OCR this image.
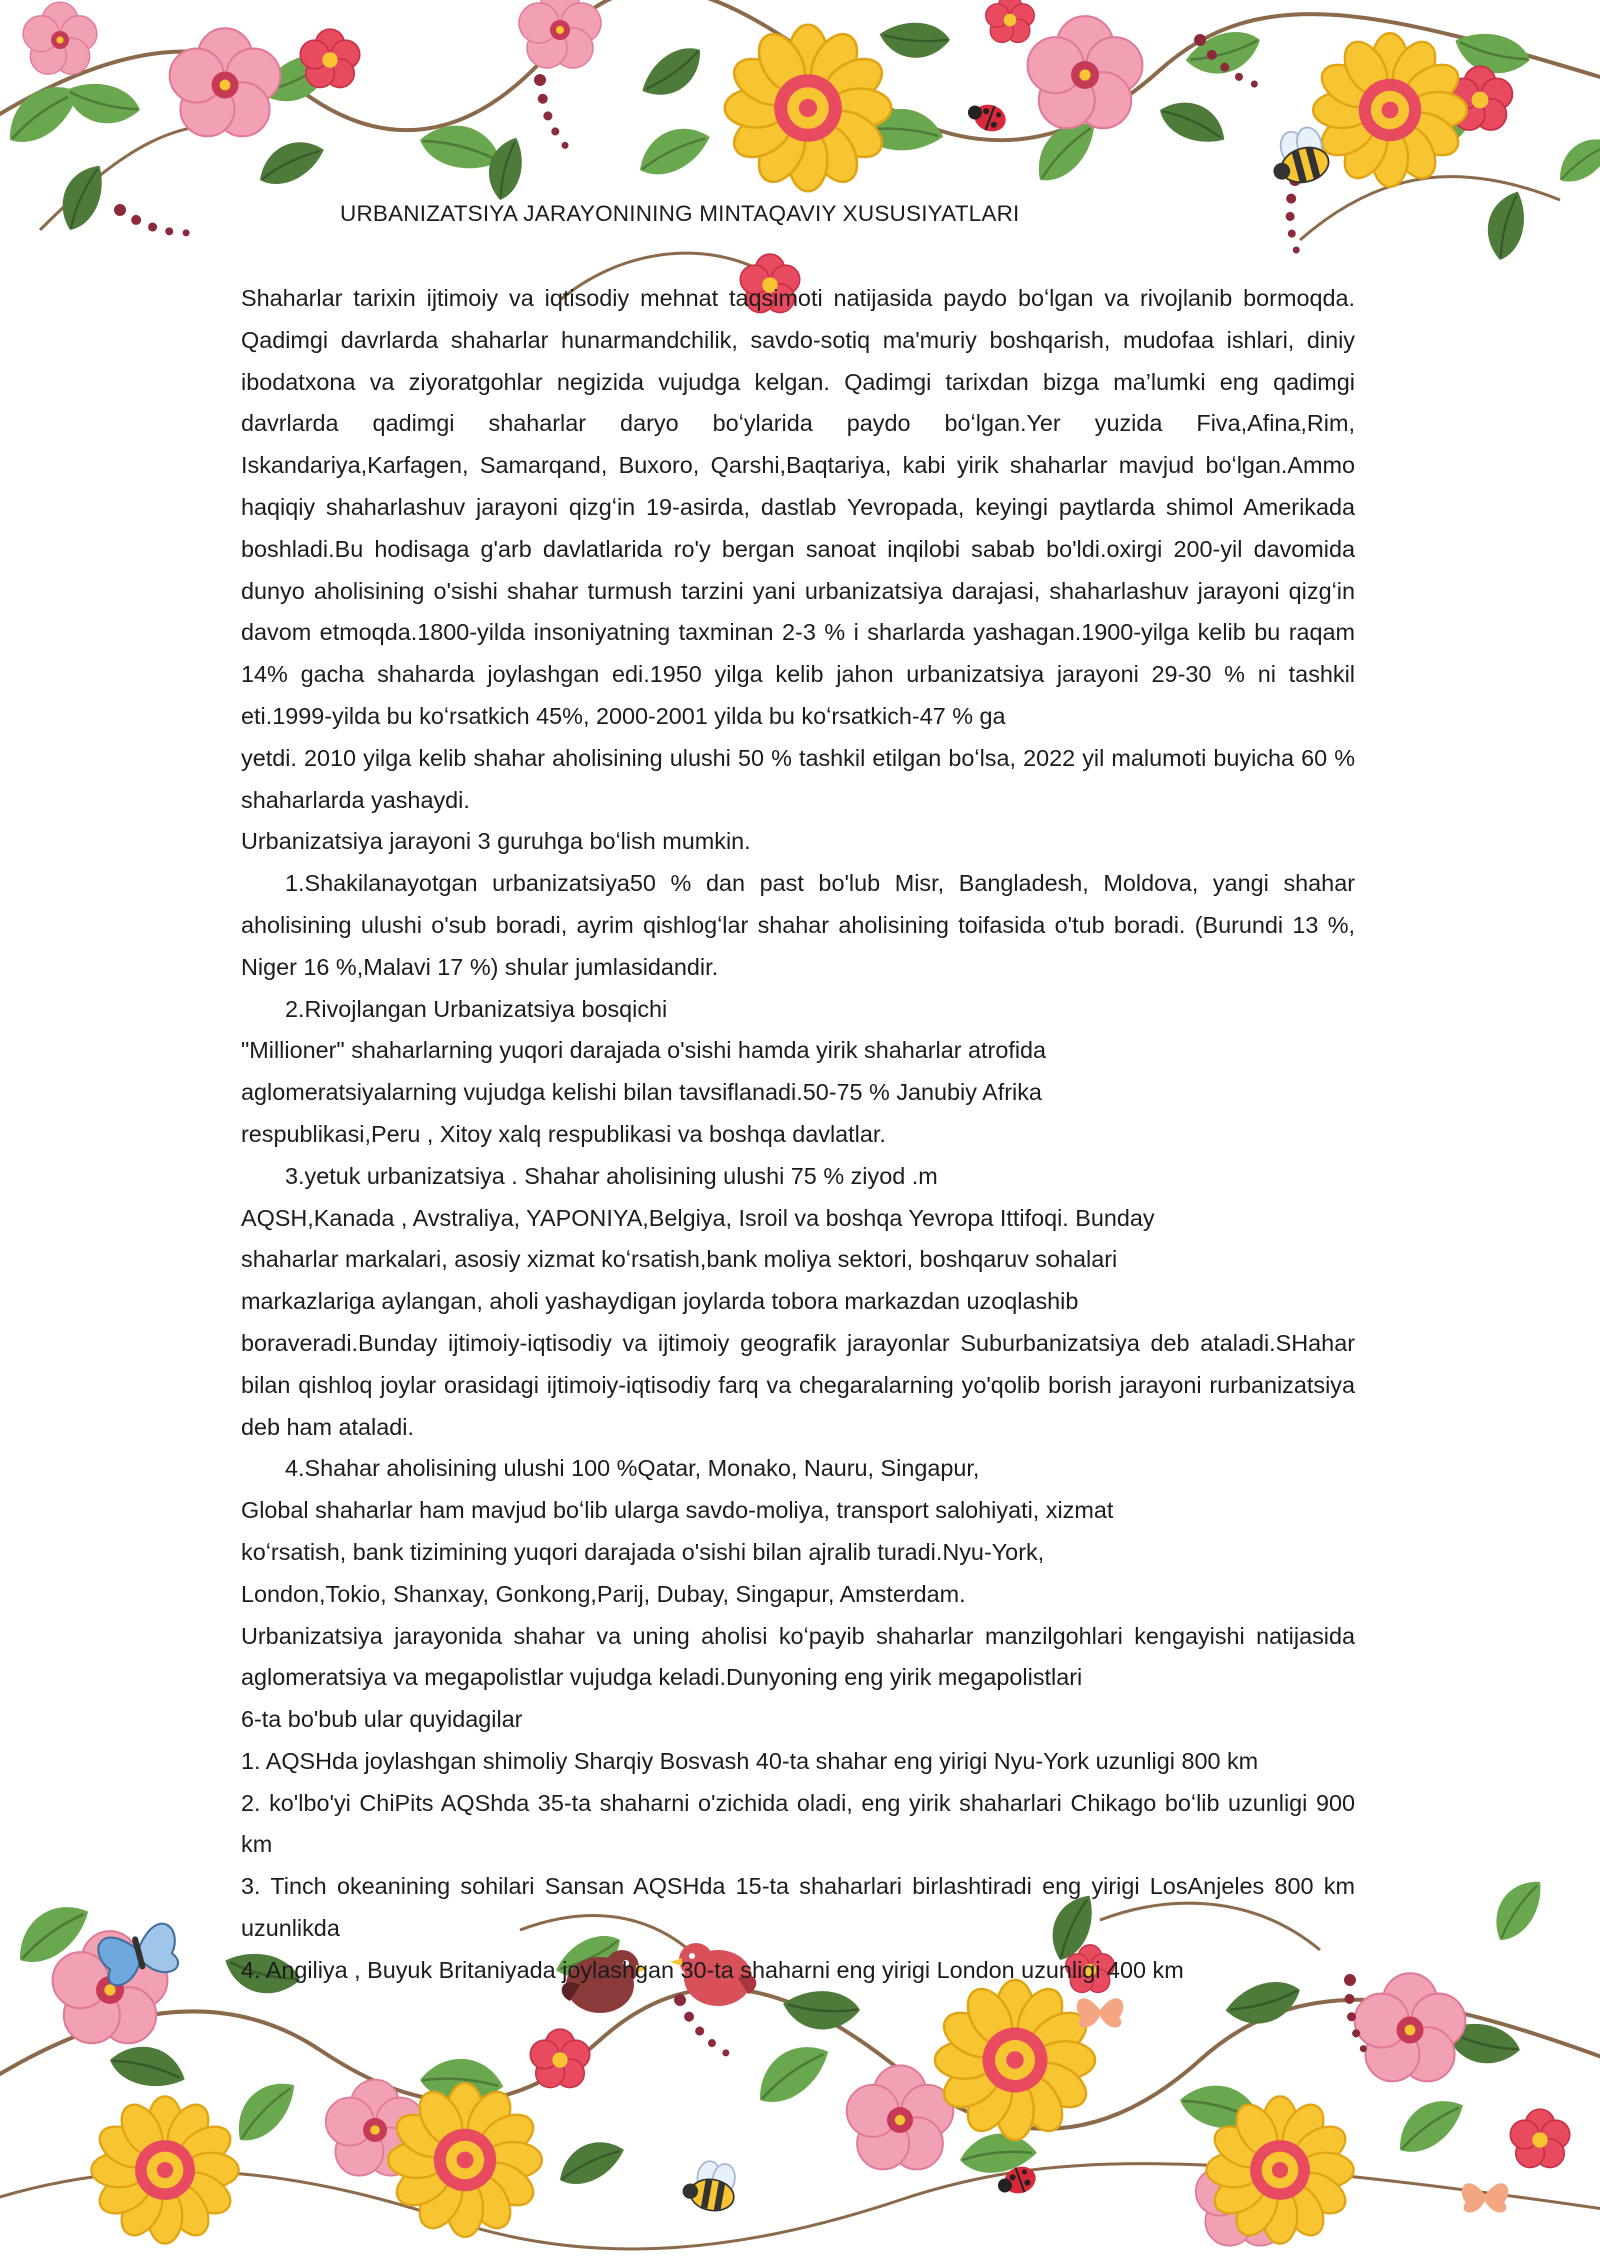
URBANIZATSIYA JARAYONINING MINTAQAVIY XUSUSIYATLARI

Shaharlar tarixin ijtimoiy va iqtisodiy mehnat taqsimoti natijasida paydo boʻlgan va rivojlanib bormoqda. Qadimgi davrlarda shaharlar hunarmandchilik, savdo-sotiq ma'muriy boshqarish, mudofaa ishlari, diniy ibodatxona va ziyoratgohlar negizida vujudga kelgan. Qadimgi tarixdan bizga ma’lumki eng qadimgi davrlarda qadimgi shaharlar daryo boʻylarida paydo boʻlgan.Yer yuzida Fiva,Afina,Rim, Iskandariya,Karfagen, Samarqand, Buxoro, Qarshi,Baqtariya, kabi yirik shaharlar mavjud boʻlgan.Ammo haqiqiy shaharlashuv jarayoni qizgʻin 19-asirda, dastlab Yevropada, keyingi paytlarda shimol Amerikada boshladi.Bu hodisaga g'arb davlatlarida ro'y bergan sanoat inqilobi sabab bo'ldi.oxirgi 200-yil davomida dunyo aholisining o'sishi shahar turmush tarzini yani urbanizatsiya darajasi, shaharlashuv jarayoni qizgʻin davom etmoqda.1800-yilda insoniyatning taxminan 2-3 % i sharlarda yashagan.1900-yilga kelib bu raqam 14% gacha shaharda joylashgan edi.1950 yilga kelib jahon urbanizatsiya jarayoni 29-30 % ni tashkil eti.1999-yilda bu koʻrsatkich 45%, 2000-2001 yilda bu koʻrsatkich-47 % ga

yetdi. 2010 yilga kelib shahar aholisining ulushi 50 % tashkil etilgan boʻlsa, 2022 yil malumoti buyicha 60 % shaharlarda yashaydi.

Urbanizatsiya jarayoni 3 guruhga boʻlish mumkin.

1.Shakilanayotgan urbanizatsiya50 % dan past bo'lub Misr, Bangladesh, Moldova, yangi shahar aholisining ulushi o'sub boradi, ayrim qishlogʻlar shahar aholisining toifasida o'tub boradi. (Burundi 13 %, Niger 16 %,Malavi 17 %) shular jumlasidandir.

2.Rivojlangan Urbanizatsiya bosqichi

"Millioner" shaharlarning yuqori darajada o'sishi hamda yirik shaharlar atrofida

aglomeratsiyalarning vujudga kelishi bilan tavsiflanadi.50-75 % Janubiy Afrika

respublikasi,Peru , Xitoy xalq respublikasi va boshqa davlatlar.

3.yetuk urbanizatsiya . Shahar aholisining ulushi 75 % ziyod .m

AQSH,Kanada , Avstraliya, YAPONIYA,Belgiya, Isroil va boshqa Yevropa Ittifoqi. Bunday

shaharlar markalari, asosiy xizmat koʻrsatish,bank moliya sektori, boshqaruv sohalari

markazlariga aylangan, aholi yashaydigan joylarda tobora markazdan uzoqlashib

boraveradi.Bunday ijtimoiy-iqtisodiy va ijtimoiy geografik jarayonlar Suburbanizatsiya deb ataladi.SHahar bilan qishloq joylar orasidagi ijtimoiy-iqtisodiy farq va chegaralarning yo'qolib borish jarayoni rurbanizatsiya deb ham ataladi.

4.Shahar aholisining ulushi 100 %Qatar, Monako, Nauru, Singapur,

Global shaharlar ham mavjud boʻlib ularga savdo-moliya, transport salohiyati, xizmat

koʻrsatish, bank tizimining yuqori darajada o'sishi bilan ajralib turadi.Nyu-York,

London,Tokio, Shanxay, Gonkong,Parij, Dubay, Singapur, Amsterdam.

Urbanizatsiya jarayonida shahar va uning aholisi koʻpayib shaharlar manzilgohlari kengayishi natijasida aglomeratsiya va megapolistlar vujudga keladi.Dunyoning eng yirik megapolistlari

6-ta bo'bub ular quyidagilar

1. AQSHda joylashgan shimoliy Sharqiy Bosvash 40-ta shahar eng yirigi Nyu-York uzunligi 800 km

2. ko'lbo'yi ChiPits AQShda 35-ta shaharni o'zichida oladi, eng yirik shaharlari Chikago boʻlib uzunligi 900 km

3. Tinch okeanining sohilari Sansan AQSHda 15-ta shaharlari birlashtiradi eng yirigi LosAnjeles 800 km uzunlikda

4. Angiliya , Buyuk Britaniyada joylashgan 30-ta shaharni eng yirigi London uzunligi 400 km
